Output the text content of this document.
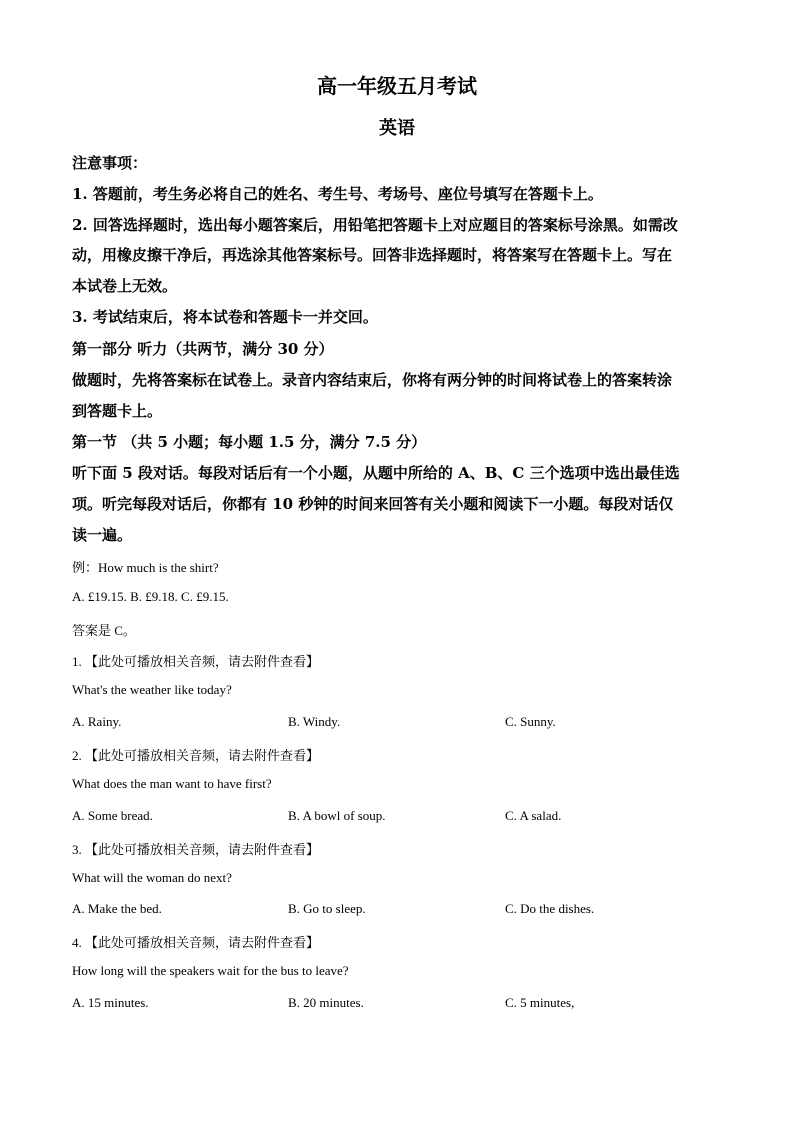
高一年级五月考试
英语
注意事项：
1. 答题前，考生务必将自己的姓名、考生号、考场号、座位号填写在答题卡上。
2. 回答选择题时，选出每小题答案后，用铅笔把答题卡上对应题目的答案标号涂黑。如需改
动，用橡皮擦干净后，再选涂其他答案标号。回答非选择题时，将答案写在答题卡上。写在
本试卷上无效。
3. 考试结束后，将本试卷和答题卡一并交回。
第一部分 听力（共两节，满分 30 分）
做题时，先将答案标在试卷上。录音内容结束后，你将有两分钟的时间将试卷上的答案转涂
到答题卡上。
第一节 （共 5 小题；每小题 1.5 分，满分 7.5 分）
听下面 5 段对话。每段对话后有一个小题，从题中所给的 A、B、C 三个选项中选出最佳选
项。听完每段对话后，你都有 10 秒钟的时间来回答有关小题和阅读下一小题。每段对话仅
读一遍。
例：How much is the shirt?
A. £19.15. B. £9.18. C. £9.15.
答案是 C。
1. 【此处可播放相关音频，请去附件查看】
What's the weather like today?
A. Rainy.	B. Windy.	C. Sunny.
2. 【此处可播放相关音频，请去附件查看】
What does the man want to have first?
A. Some bread.	B. A bowl of soup.	C. A salad.
3. 【此处可播放相关音频，请去附件查看】
What will the woman do next?
A. Make the bed.	B. Go to sleep.	C. Do the dishes.
4. 【此处可播放相关音频，请去附件查看】
How long will the speakers wait for the bus to leave?
A. 15 minutes.	B. 20 minutes.	C. 5 minutes,
